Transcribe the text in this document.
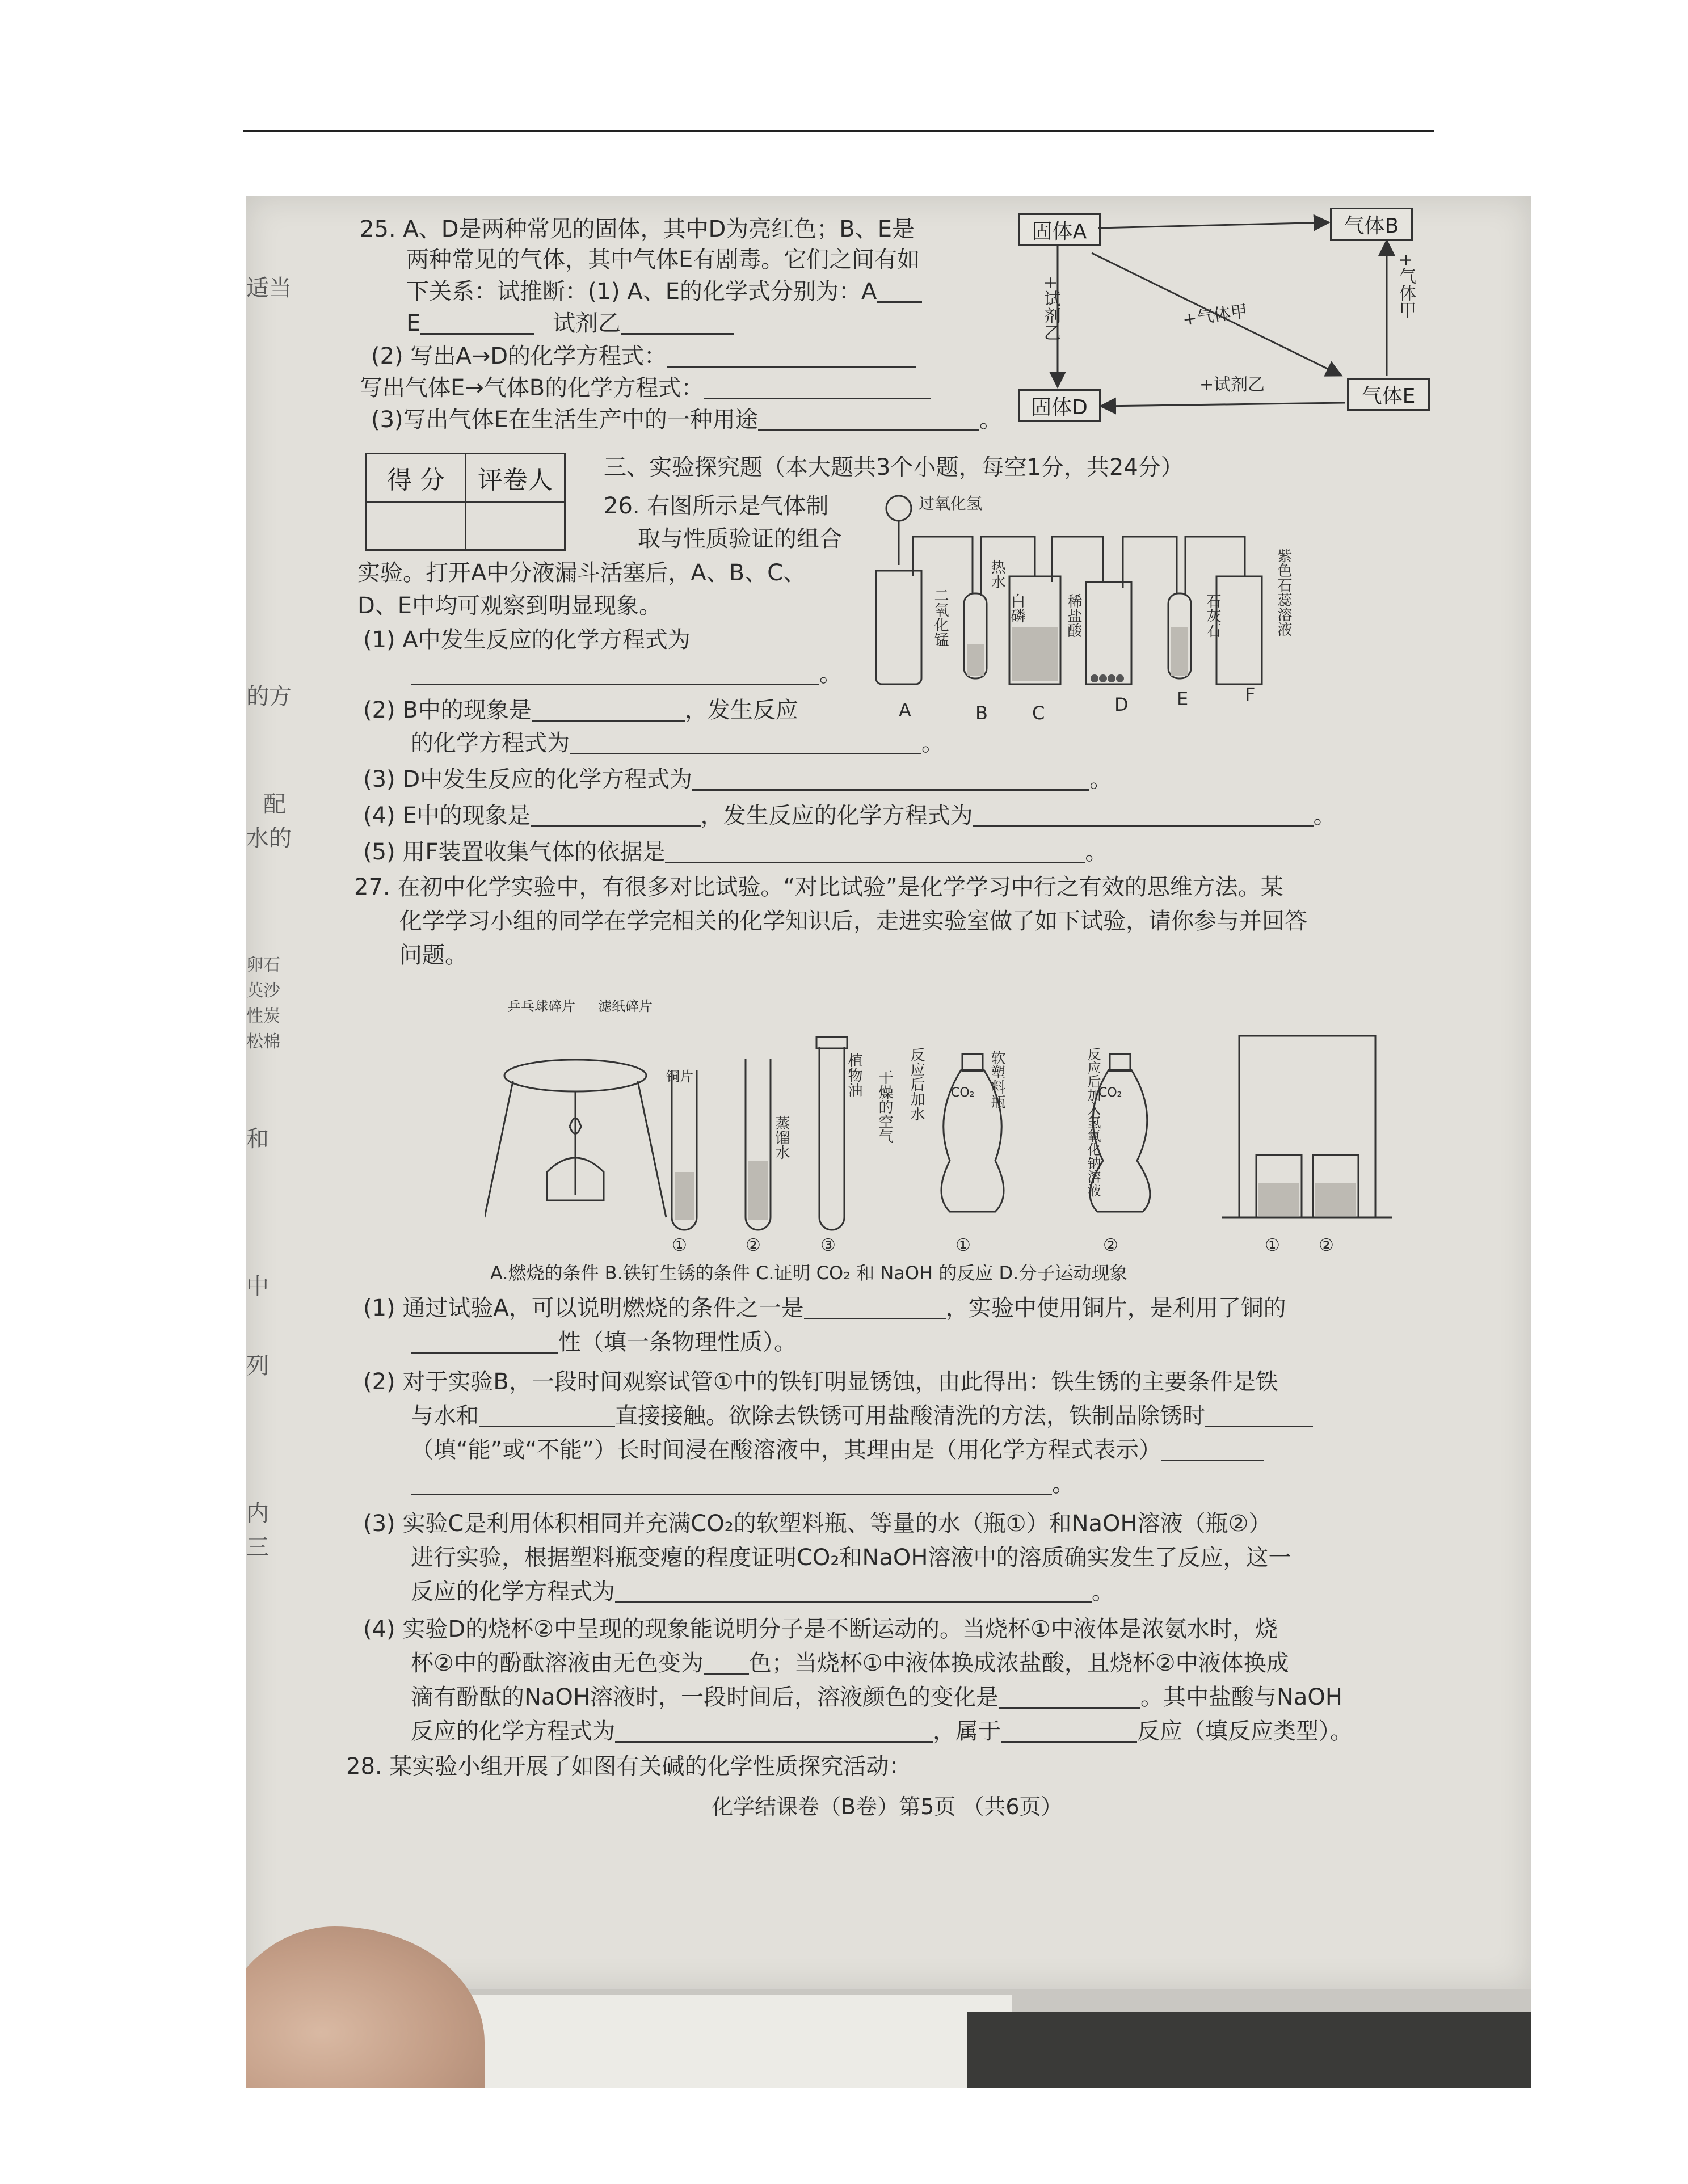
适当
的方
配
水的
卵石
英沙
性炭
松棉
和
中
列
内
三
25. A、D是两种常见的固体，其中D为亮红色；B、E是
两种常见的气体，其中气体E有剧毒。它们之间有如
下关系：试推断：(1) A、E的化学式分别为：A
E	试剂乙
(2) 写出A→D的化学方程式：
写出气体E→气体B的化学方程式：
(3)写出气体E在生活生产中的一种用途	。
固体A	气体B
固体D	气体E
+试剂乙	+气体甲	+气体甲
+试剂乙
得 分	评卷人
	三、实验探究题（本大题共3个小题，每空1分，共24分）
26. 右图所示是气体制
取与性质验证的组合
实验。打开A中分液漏斗活塞后，A、B、C、
D、E中均可观察到明显现象。
(1) A中发生反应的化学方程式为
。
(2) B中的现象是	，发生反应
的化学方程式为	。
(3) D中发生反应的化学方程式为	。
(4) E中的现象是	，发生反应的化学方程式为	。
(5) 用F装置收集气体的依据是	。
过氧化氢
二氧化锰
热水
白磷	稀盐酸	石灰石	紫色石蕊溶液
A	B C	D	E	F
27. 在初中化学实验中，有很多对比试验。“对比试验”是化学学习中行之有效的思维方法。某
化学学习小组的同学在学完相关的化学知识后，走进实验室做了如下试验，请你参与并回答
问题。
乒乓球碎片 滤纸碎片
铜片
蒸馏水
植物油 干燥的空气 反应后加水	软塑料瓶	反应后加入氢氧化钠溶液
CO₂	CO₂
①	②	③	①	②	① ②
A.燃烧的条件 B.铁钉生锈的条件 C.证明 CO₂ 和 NaOH 的反应 D.分子运动现象
(1) 通过试验A，可以说明燃烧的条件之一是	，实验中使用铜片，是利用了铜的
性（填一条物理性质）。
(2) 对于实验B，一段时间观察试管①中的铁钉明显锈蚀，由此得出：铁生锈的主要条件是铁
与水和	直接接触。欲除去铁锈可用盐酸清洗的方法，铁制品除锈时
（填“能”或“不能”）长时间浸在酸溶液中，其理由是（用化学方程式表示）
。
(3) 实验C是利用体积相同并充满CO₂的软塑料瓶、等量的水（瓶①）和NaOH溶液（瓶②）
进行实验，根据塑料瓶变瘪的程度证明CO₂和NaOH溶液中的溶质确实发生了反应，这一
反应的化学方程式为	。
(4) 实验D的烧杯②中呈现的现象能说明分子是不断运动的。当烧杯①中液体是浓氨水时，烧
杯②中的酚酞溶液由无色变为 色；当烧杯①中液体换成浓盐酸，且烧杯②中液体换成
滴有酚酞的NaOH溶液时，一段时间后，溶液颜色的变化是	。其中盐酸与NaOH
反应的化学方程式为	，属于	反应（填反应类型）。
28. 某实验小组开展了如图有关碱的化学性质探究活动：
化学结课卷（B卷）第5页 （共6页）
